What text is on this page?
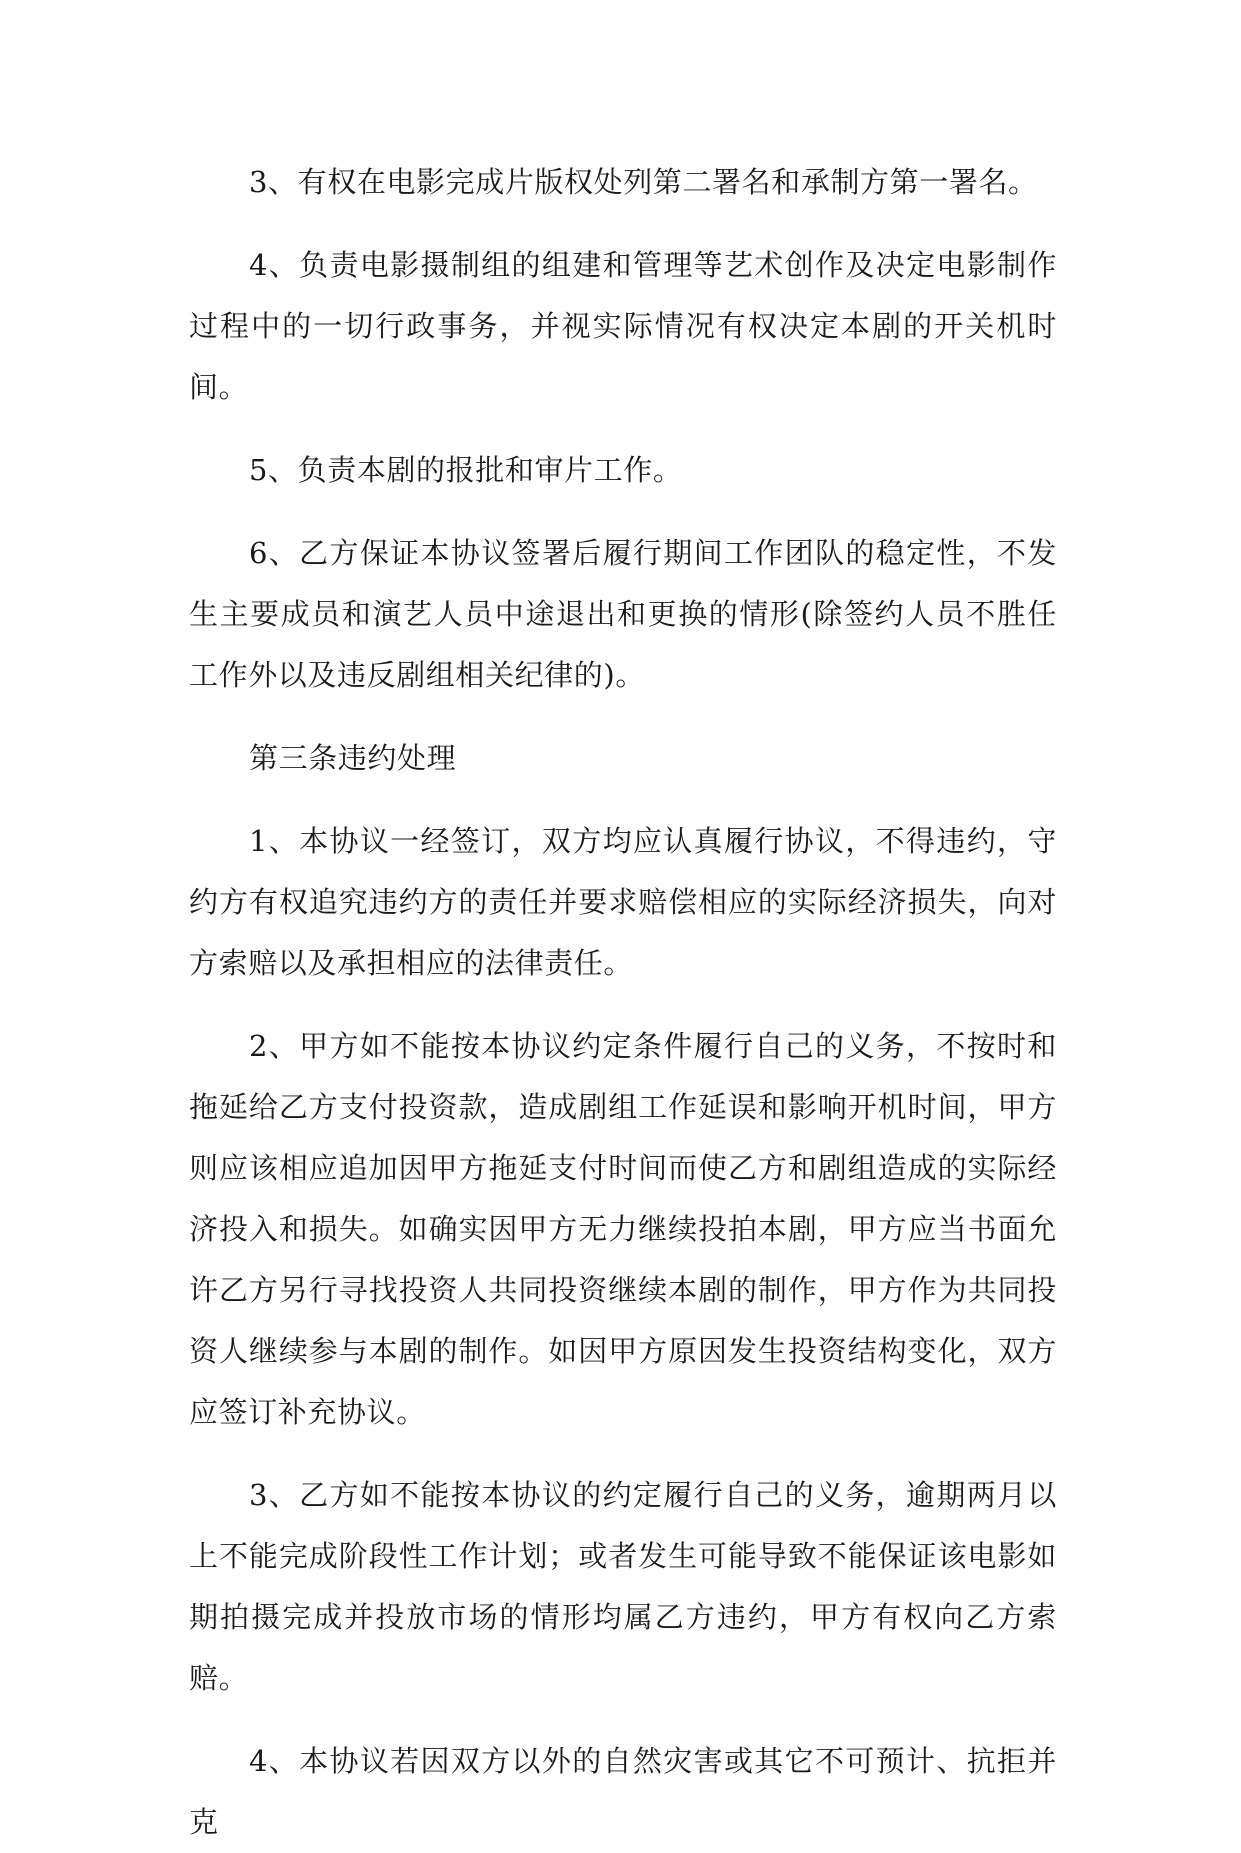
3、有权在电影完成片版权处列第二署名和承制方第一署名。

4、负责电影摄制组的组建和管理等艺术创作及决定电影制作过程中的一切行政事务，并视实际情况有权决定本剧的开关机时间。

5、负责本剧的报批和审片工作。

6、乙方保证本协议签署后履行期间工作团队的稳定性，不发生主要成员和演艺人员中途退出和更换的情形(除签约人员不胜任工作外以及违反剧组相关纪律的)。

第三条违约处理

1、本协议一经签订，双方均应认真履行协议，不得违约，守约方有权追究违约方的责任并要求赔偿相应的实际经济损失，向对方索赔以及承担相应的法律责任。

2、甲方如不能按本协议约定条件履行自己的义务，不按时和拖延给乙方支付投资款，造成剧组工作延误和影响开机时间，甲方则应该相应追加因甲方拖延支付时间而使乙方和剧组造成的实际经济投入和损失。如确实因甲方无力继续投拍本剧，甲方应当书面允许乙方另行寻找投资人共同投资继续本剧的制作，甲方作为共同投资人继续参与本剧的制作。如因甲方原因发生投资结构变化，双方应签订补充协议。

3、乙方如不能按本协议的约定履行自己的义务，逾期两月以上不能完成阶段性工作计划；或者发生可能导致不能保证该电影如期拍摄完成并投放市场的情形均属乙方违约，甲方有权向乙方索赔。

4、本协议若因双方以外的自然灾害或其它不可预计、抗拒并克
